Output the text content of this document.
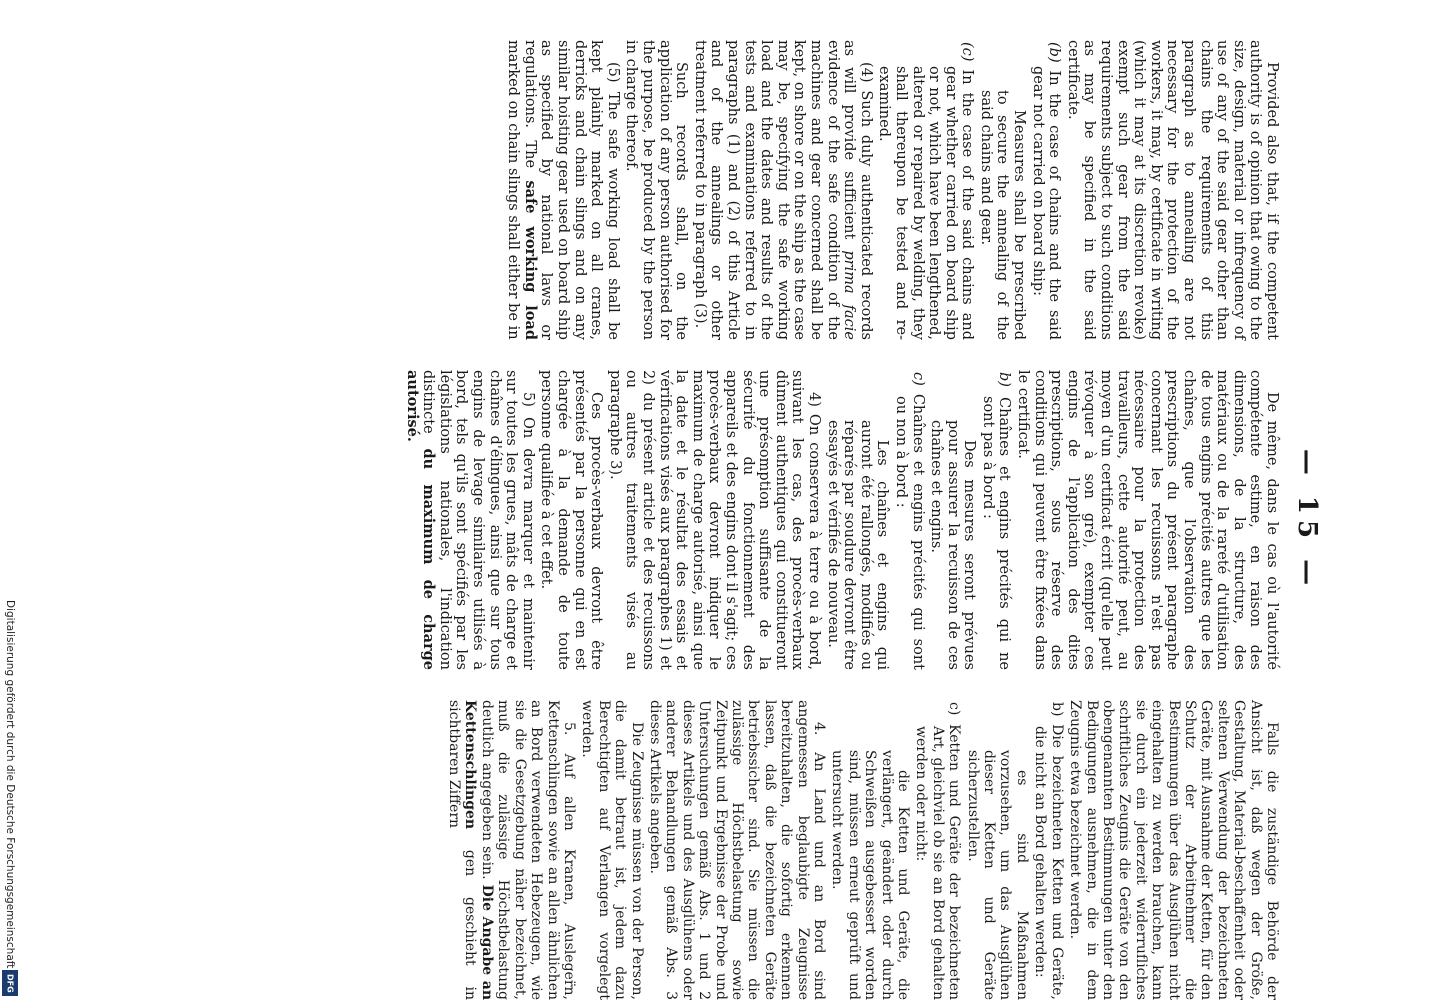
— 15 —

Provided also that, if the competent authority is of opinion that owing to the size, design, material or infrequency of use of any of the said gear other than chains the requirements of this paragraph as to annealing are not necessary for the protection of the workers, it may, by certificate in writing (which it may at its discretion revoke) exempt such gear from the said requirements subject to such conditions as may be specified in the said certificate.

(b) In the case of chains and the said gear not carried on board ship:

Measures shall be prescribed to secure the annealing of the said chains and gear.

(c) In the case of the said chains and gear whether carried on board ship or not, which have been lengthened, altered or repaired by welding, they shall thereupon be tested and re-examined.

(4) Such duly authenticated records as will provide sufficient prima facie evidence of the safe condition of the machines and gear concerned shall be kept, on shore or on the ship as the case may be, specifying the safe working load and the dates and results of the tests and examinations referred to in paragraphs (1) and (2) of this Article and of the annealings or other treatment referred to in paragraph (3).

Such records shall, on the application of any person authorised for the purpose, be produced by the person in charge thereof.

(5) The safe working load shall be kept plainly marked on all cranes, derricks and chain slings and on any similar hoisting gear used on board ship as specified by national laws or regulations. The safe working load marked on chain slings shall either be in

De même, dans le cas où l'autorité compétente estime, en raison des dimensions, de la structure, des matériaux ou de la rareté d'utilisation de tous engins précités autres que les chaînes, que l'observation des prescriptions du présent paragraphe concernant les recuissons n'est pas nécessaire pour la protection des travailleurs, cette autorité peut, au moyen d'un certificat écrit (qu'elle peut révoquer à son gré), exempter ces engins de l'application des dites prescriptions, sous réserve des conditions qui peuvent être fixées dans le certificat.

b) Chaînes et engins précités qui ne sont pas à bord :

Des mesures seront prévues pour assurer la recuisson de ces chaînes et engins.

c) Chaînes et engins précités qui sont ou non à bord :

Les chaînes et engins qui auront été rallongés, modifiés ou réparés par soudure devront être essayés et vérifiés de nouveau.

4) On conservera à terre ou à bord, suivant les cas, des procès-verbaux dûment authentiques qui constitueront une présomption suffisante de la sécurité du fonctionnement des appareils et des engins dont il s'agit; ces procès-verbaux devront indiquer le maximum de charge autorisé, ainsi que la date et le résultat des essais et vérifications visés aux paragraphes 1) et 2) du présent article et des recuissons ou autres traitements visés au paragraphe 3).

Ces procès-verbaux devront être présentés par la personne qui en est chargée à la demande de toute personne qualifiée à cet effet.

5) On devra marquer et maintenir sur toutes les grues, mâts de charge et chaînes d'élingues, ainsi que sur tous engins de levage similaires utilisés à bord, tels qu'ils sont spécifiés par les législations nationales, l'indication distincte du maximum de charge autorisé.

Falls die zuständige Behörde der Ansicht ist, daß wegen der Größe, Gestaltung, Material-beschaffenheit oder seltenen Verwendung der bezeichneten Geräte, mit Ausnahme der Ketten, für den Schutz der Arbeitnehmer die Bestimmungen über das Ausglühen nicht eingehalten zu werden brauchen, kann sie durch ein jederzeit widerrufliches schriftliches Zeugnis die Geräte von den obengenannten Bestimmungen unter den Bedingungen ausnehmen, die in dem Zeugnis etwa bezeichnet werden.

b) Die bezeichneten Ketten und Geräte, die nicht an Bord gehalten werden:

es sind Maßnahmen vorzusehen, um das Ausglühen dieser Ketten und Geräte sicherzustellen.

c) Ketten und Geräte der bezeichneten Art, gleichviel ob sie an Bord gehalten werden oder nicht:

die Ketten und Geräte, die verlängert, geändert oder durch Schweißen ausgebessert worden sind, müssen erneut geprüft und untersucht werden.

4. An Land und an Bord sind angemessen beglaubigte Zeugnisse bereitzuhalten, die sofortig erkennen lassen, daß die bezeichneten Geräte betriebssicher sind. Sie müssen die zulässige Höchstbelastung sowie Zeitpunkt und Ergebnisse der Probe und Untersuchungen gemäß Abs. 1 und 2 dieses Artikels und des Ausglühens oder anderer Behandlungen gemäß Abs. 3 dieses Artikels angeben.

Die Zeugnisse müssen von der Person, die damit betraut ist, jedem dazu Berechtigten auf Verlangen vorgelegt werden.

5. Auf allen Kranen, Ausleger̈n, Kettenschlingen sowie an allen ähnlichen an Bord verwendeten Hebezeugen, wie sie die Gesetzgebung näher bezeichnet, muß die zulässige Höchstbelastung deutlich angegeben sein. Die Angabe an Kettenschlingen gen geschieht in sichtbaren Ziffern

Digitalisierung gefördert durch die Deutsche Forschungsgemeinschaft
DFG
